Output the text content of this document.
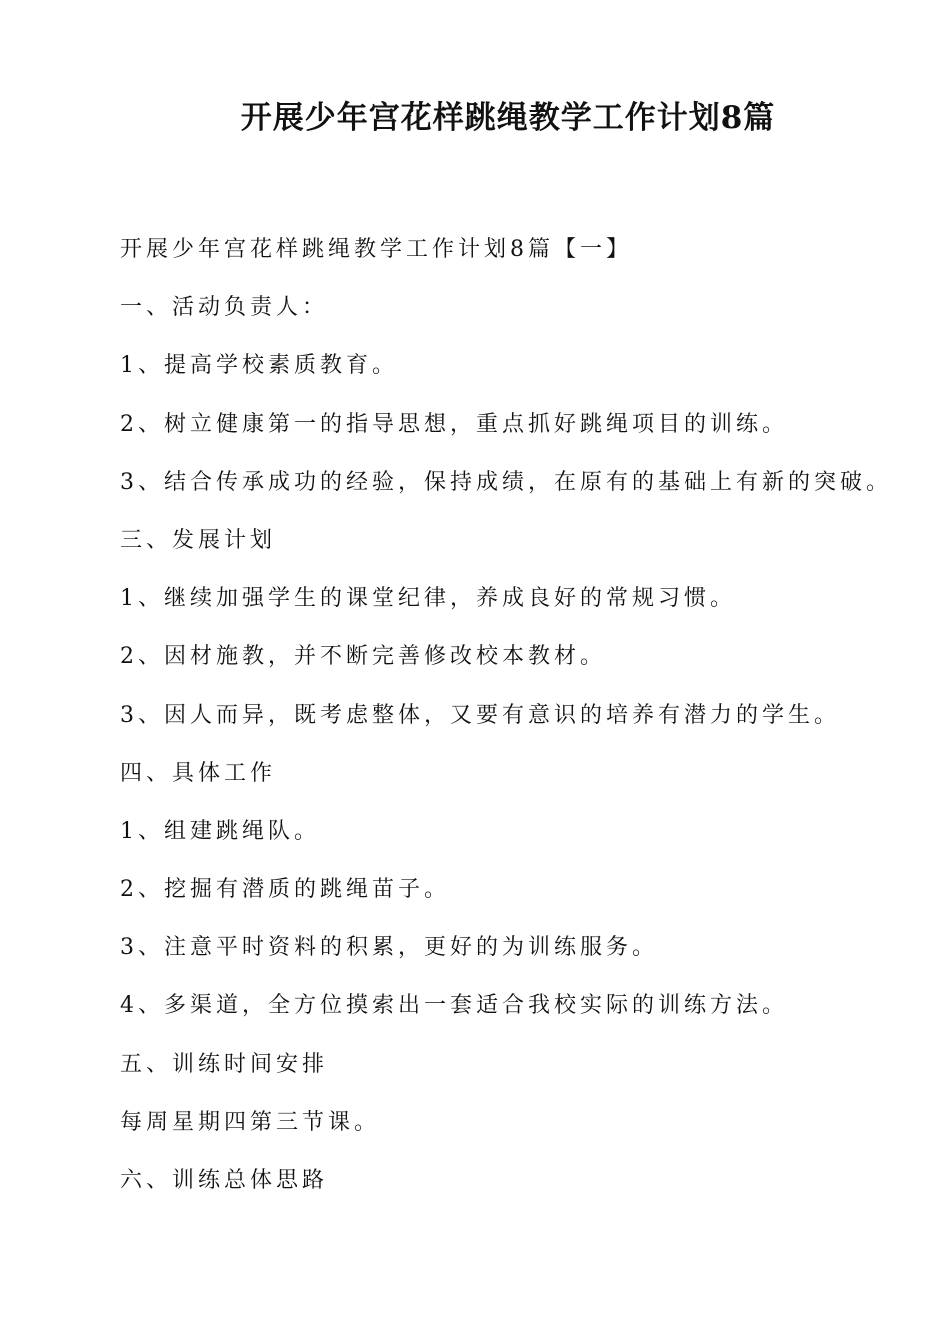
开展少年宫花样跳绳教学工作计划8篇
开展少年宫花样跳绳教学工作计划8篇【一】
一、活动负责人：
1、提高学校素质教育。
2、树立健康第一的指导思想，重点抓好跳绳项目的训练。
3、结合传承成功的经验，保持成绩，在原有的基础上有新的突破。
三、发展计划
1、继续加强学生的课堂纪律，养成良好的常规习惯。
2、因材施教，并不断完善修改校本教材。
3、因人而异，既考虑整体，又要有意识的培养有潜力的学生。
四、具体工作
1、组建跳绳队。
2、挖掘有潜质的跳绳苗子。
3、注意平时资料的积累，更好的为训练服务。
4、多渠道，全方位摸索出一套适合我校实际的训练方法。
五、训练时间安排
每周星期四第三节课。
六、训练总体思路
